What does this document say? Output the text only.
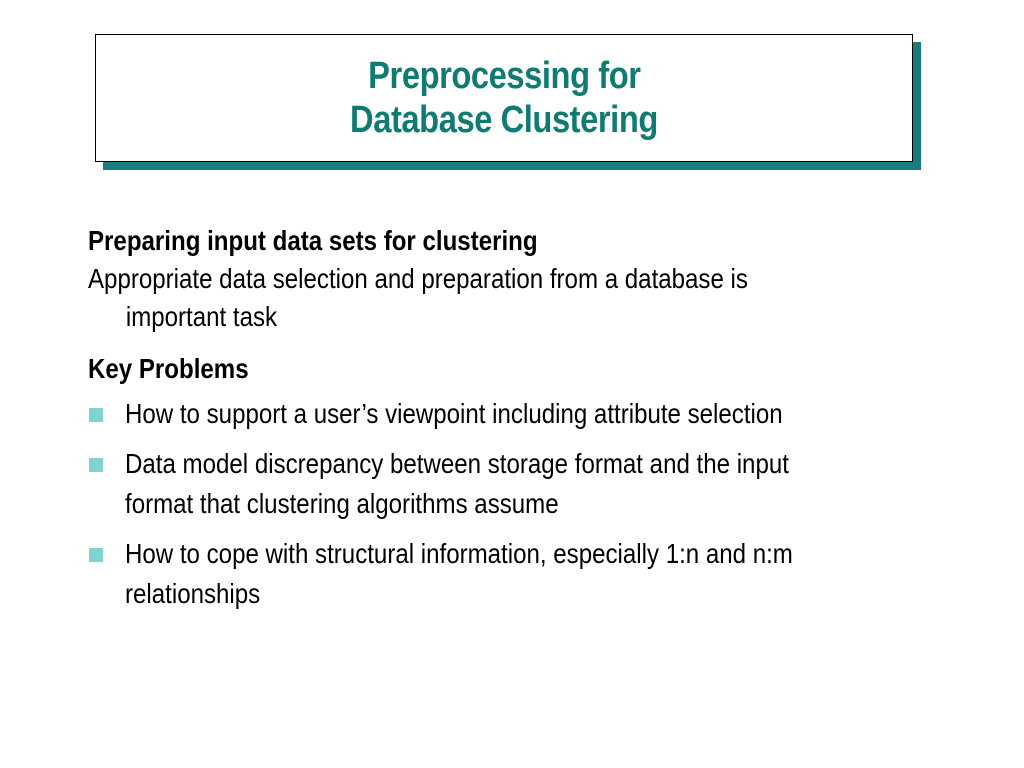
Preprocessing for
Database Clustering
Preparing input data sets for clustering
Appropriate data selection and preparation from a database is
important task
Key Problems
How to support a user’s viewpoint including attribute selection
Data model discrepancy between storage format and the input
format that clustering algorithms assume
How to cope with structural information, especially 1:n and n:m
relationships
